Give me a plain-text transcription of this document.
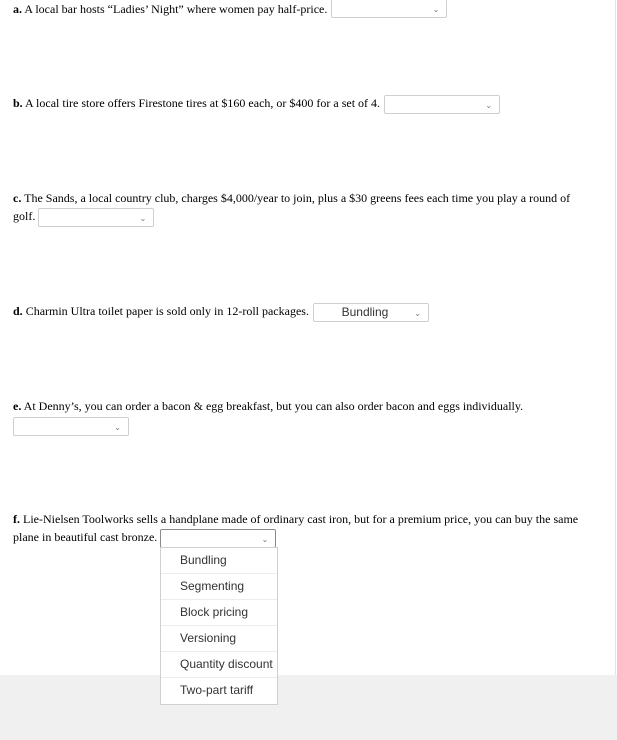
a. A local bar hosts “Ladies’ Night” where women pay half-price.	⌄
b. A local tire store offers Firestone tires at $160 each, or $400 for a set of 4.	⌄
c. The Sands, a local country club, charges $4,000/year to join, plus a $30 greens fees each time you play a round of golf.	⌄
d. Charmin Ultra toilet paper is sold only in 12-roll packages.	Bundling	⌄
e. At Denny’s, you can order a bacon & egg breakfast, but you can also order bacon and eggs individually.

⌄
f. Lie-Nielsen Toolworks sells a handplane made of ordinary cast iron, but for a premium price, you can buy the same plane in beautiful cast bronze.	⌄
Bundling
Segmenting
Block pricing
Versioning
Quantity discount
Two-part tariff
